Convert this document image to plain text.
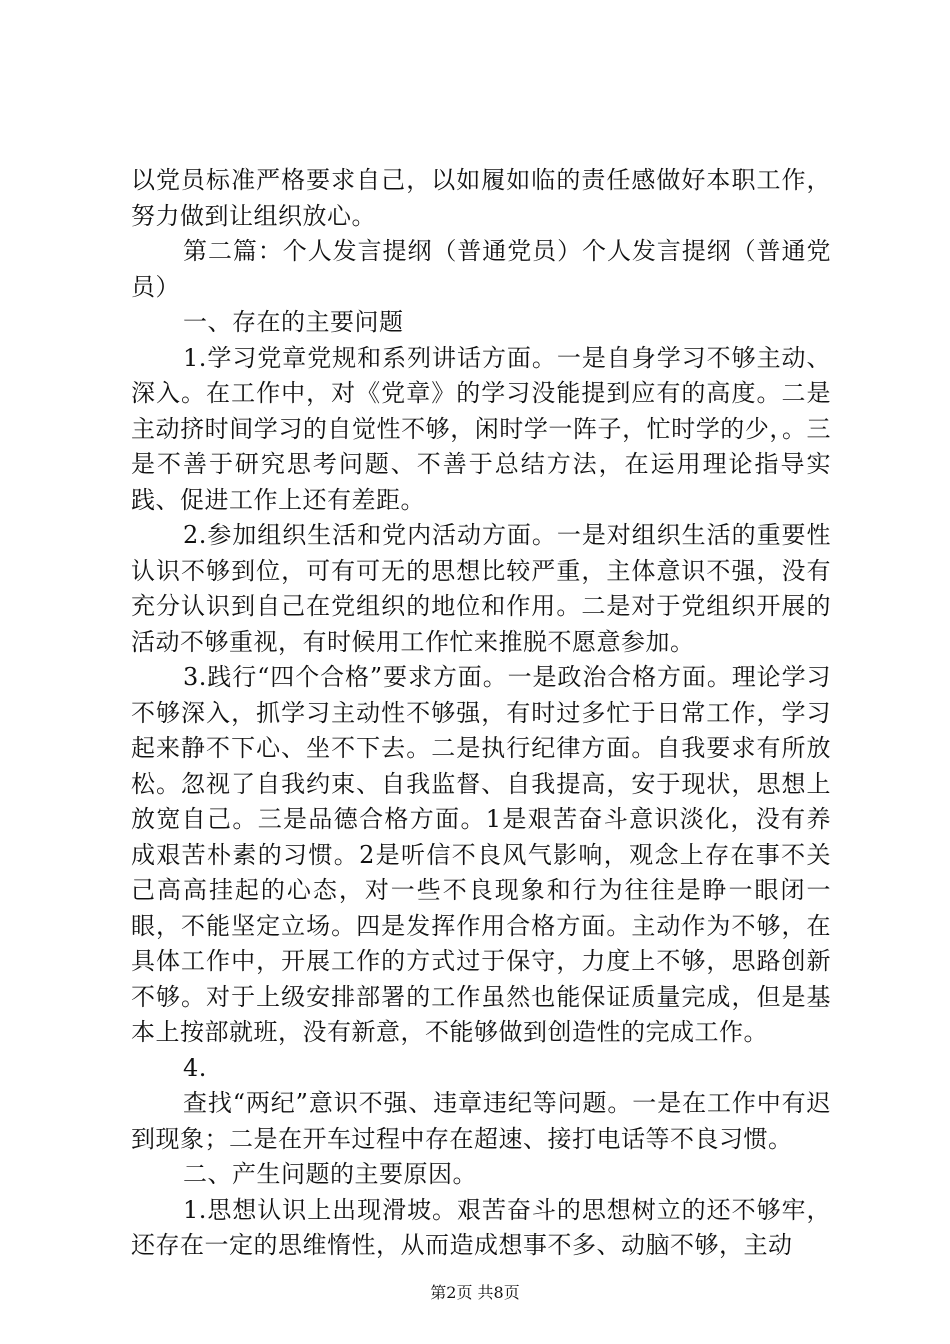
以党员标准严格要求自己，以如履如临的责任感做好本职工作，努力做到让组织放心。

第二篇：个人发言提纲（普通党员）个人发言提纲（普通党员）

一、存在的主要问题

1.学习党章党规和系列讲话方面。一是自身学习不够主动、深入。在工作中，对《党章》的学习没能提到应有的高度。二是主动挤时间学习的自觉性不够，闲时学一阵子，忙时学的少，。三是不善于研究思考问题、不善于总结方法，在运用理论指导实践、促进工作上还有差距。

2.参加组织生活和党内活动方面。一是对组织生活的重要性认识不够到位，可有可无的思想比较严重，主体意识不强，没有充分认识到自己在党组织的地位和作用。二是对于党组织开展的活动不够重视，有时候用工作忙来推脱不愿意参加。

3.践行“四个合格”要求方面。一是政治合格方面。理论学习不够深入，抓学习主动性不够强，有时过多忙于日常工作，学习起来静不下心、坐不下去。二是执行纪律方面。自我要求有所放松。忽视了自我约束、自我监督、自我提高，安于现状，思想上放宽自己。三是品德合格方面。1是艰苦奋斗意识淡化，没有养成艰苦朴素的习惯。2是听信不良风气影响，观念上存在事不关己高高挂起的心态，对一些不良现象和行为往往是睁一眼闭一眼，不能坚定立场。四是发挥作用合格方面。主动作为不够，在具体工作中，开展工作的方式过于保守，力度上不够，思路创新不够。对于上级安排部署的工作虽然也能保证质量完成，但是基本上按部就班，没有新意，不能够做到创造性的完成工作。

4.

查找“两纪”意识不强、违章违纪等问题。一是在工作中有迟到现象；二是在开车过程中存在超速、接打电话等不良习惯。

二、产生问题的主要原因。

1.思想认识上出现滑坡。艰苦奋斗的思想树立的还不够牢，还存在一定的思维惰性，从而造成想事不多、动脑不够，主动

第2页 共8页
